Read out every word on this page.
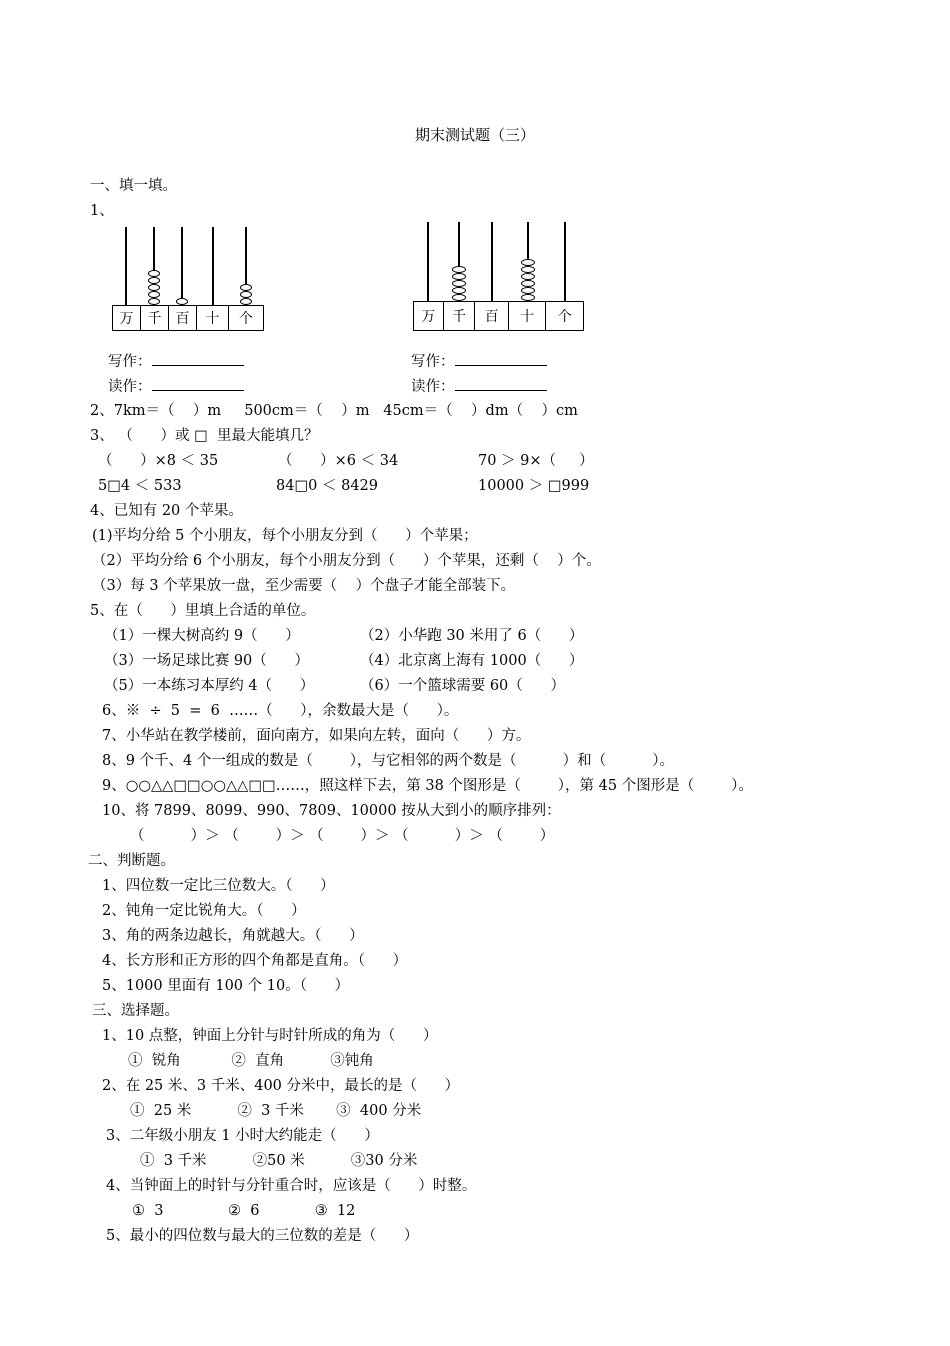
期末测试题（三）
一、填一填。
1、
万	千	百	十	个	万	千	百	十	个
写作：
读作：
写作：
读作：
2、7km＝（    ）m     500cm＝（    ）m   45cm＝（    ）dm（    ）cm
3、 （      ）或 □  里最大能填几？
（      ）×8 ＜ 35	（      ）×6 ＜ 34	70 ＞ 9×（     ）
5□4 ＜ 533	84□0 ＜ 8429	10000 ＞ □999
4、已知有 20 个苹果。
(1)平均分给 5 个小朋友，每个小朋友分到（      ）个苹果；
（2）平均分给 6 个小朋友，每个小朋友分到（      ）个苹果，还剩（    ）个。
（3）每 3 个苹果放一盘，至少需要（    ）个盘子才能全部装下。
5、在（      ）里填上合适的单位。
（1）一棵大树高约 9（      ）	（2）小华跑 30 米用了 6（      ）
（3）一场足球比赛 90（      ）	（4）北京离上海有 1000（      ）
（5）一本练习本厚约 4（      ）	（6）一个篮球需要 60（      ）
6、※  ÷  5  =  6  ……（      ），余数最大是（      ）。
7、小华站在教学楼前，面向南方，如果向左转，面向（      ）方。
8、9 个千、4 个一组成的数是（        ），与它相邻的两个数是（          ）和（          ）。
9、○○△△□□○○△△□□……，照这样下去，第 38 个图形是（        ），第 45 个图形是（        ）。
10、将 7899、8099、990、7809、10000 按从大到小的顺序排列：
（          ）＞ （        ）＞ （        ）＞ （          ）＞ （        ）
二、判断题。
1、四位数一定比三位数大。（      ）
2、钝角一定比锐角大。（      ）
3、角的两条边越长，角就越大。（      ）
4、长方形和正方形的四个角都是直角。（      ）
5、1000 里面有 100 个 10。（      ）
三、选择题。
1、10 点整，钟面上分针与时针所成的角为（      ）
①  锐角           ②  直角          ③钝角
2、在 25 米、3 千米、400 分米中，最长的是（      ）
①  25 米          ②  3 千米       ③  400 分米
3、二年级小朋友 1 小时大约能走（      ）
①  3 千米          ②50 米          ③30 分米
4、当钟面上的时针与分针重合时，应该是（      ）时整。
①  3              ②  6            ③  12
5、最小的四位数与最大的三位数的差是（      ）
